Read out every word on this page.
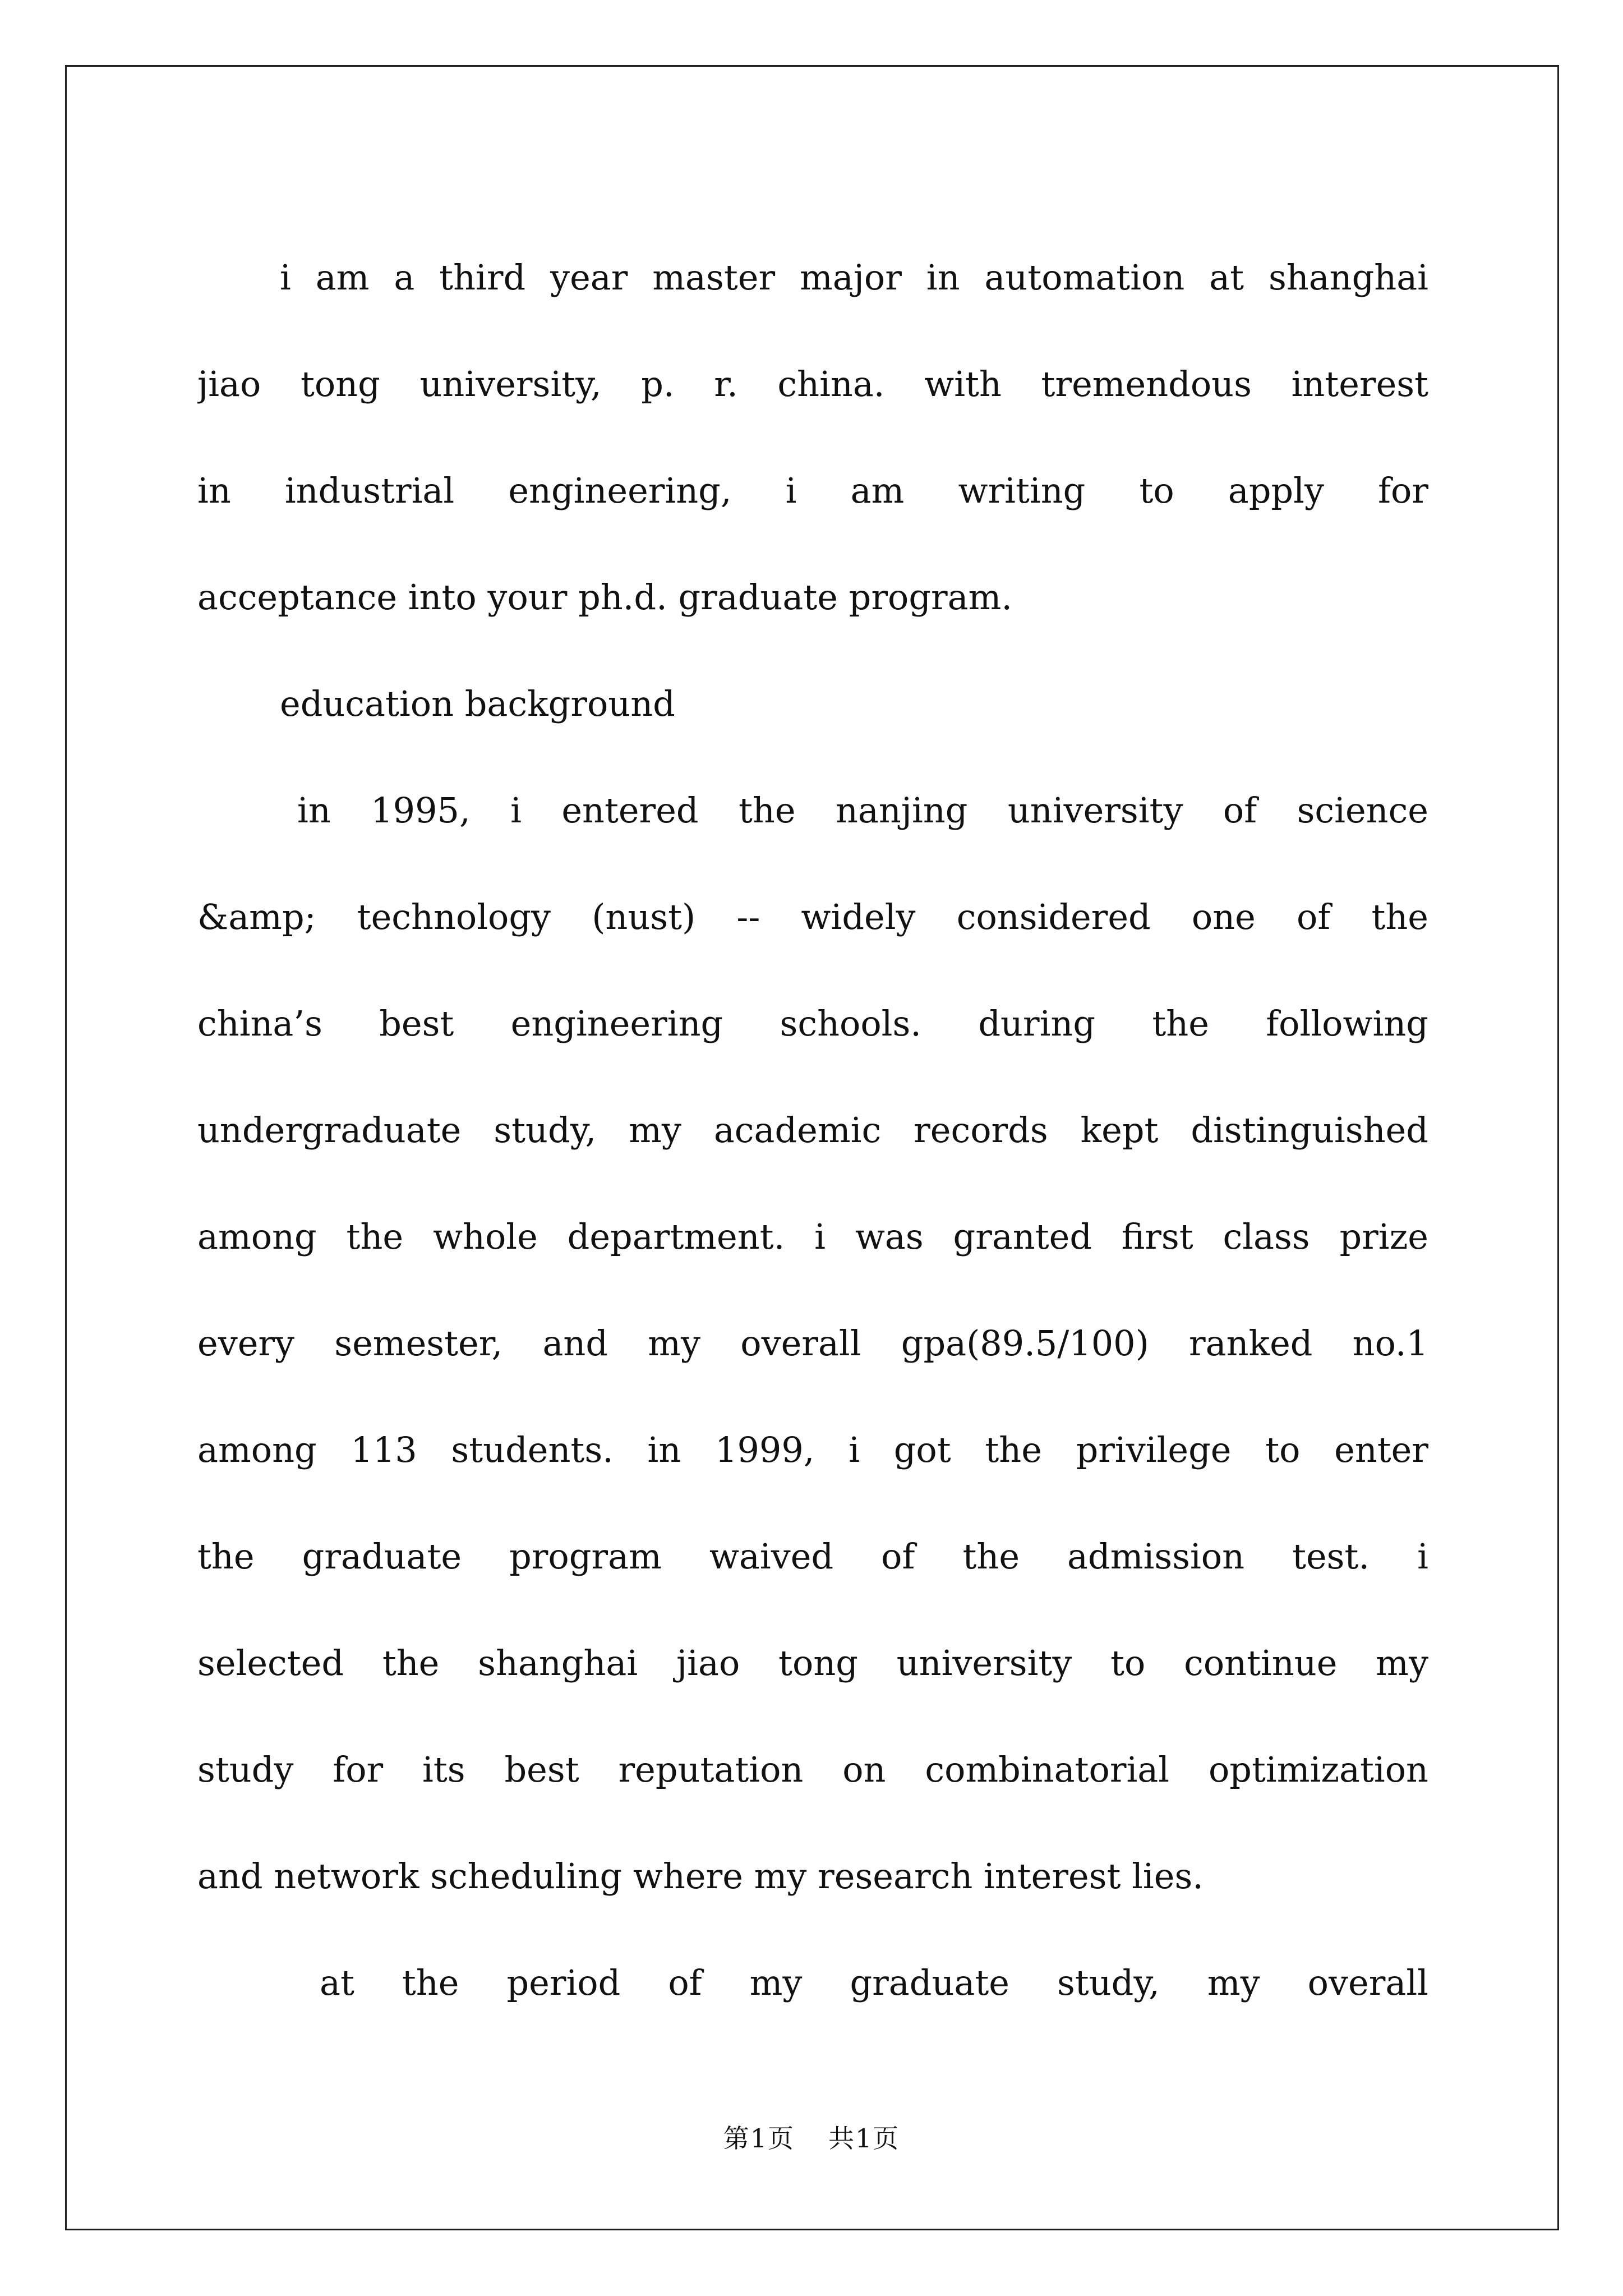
i am a third year master major in automation at shanghai
jiao tong university, p. r. china. with tremendous interest
in industrial engineering, i am writing to apply for
acceptance into your ph.d. graduate program.
education background
in 1995, i entered the nanjing university of science
&amp; technology (nust) -- widely considered one of the
china’s best engineering schools. during the following
undergraduate study, my academic records kept distinguished
among the whole department. i was granted first class prize
every semester, and my overall gpa(89.5/100) ranked no.1
among 113 students. in 1999, i got the privilege to enter
the graduate program waived of the admission test. i
selected the shanghai jiao tong university to continue my
study for its best reputation on combinatorial optimization
and network scheduling where my research interest lies.
at the period of my graduate study, my overall
第1页 共1页
